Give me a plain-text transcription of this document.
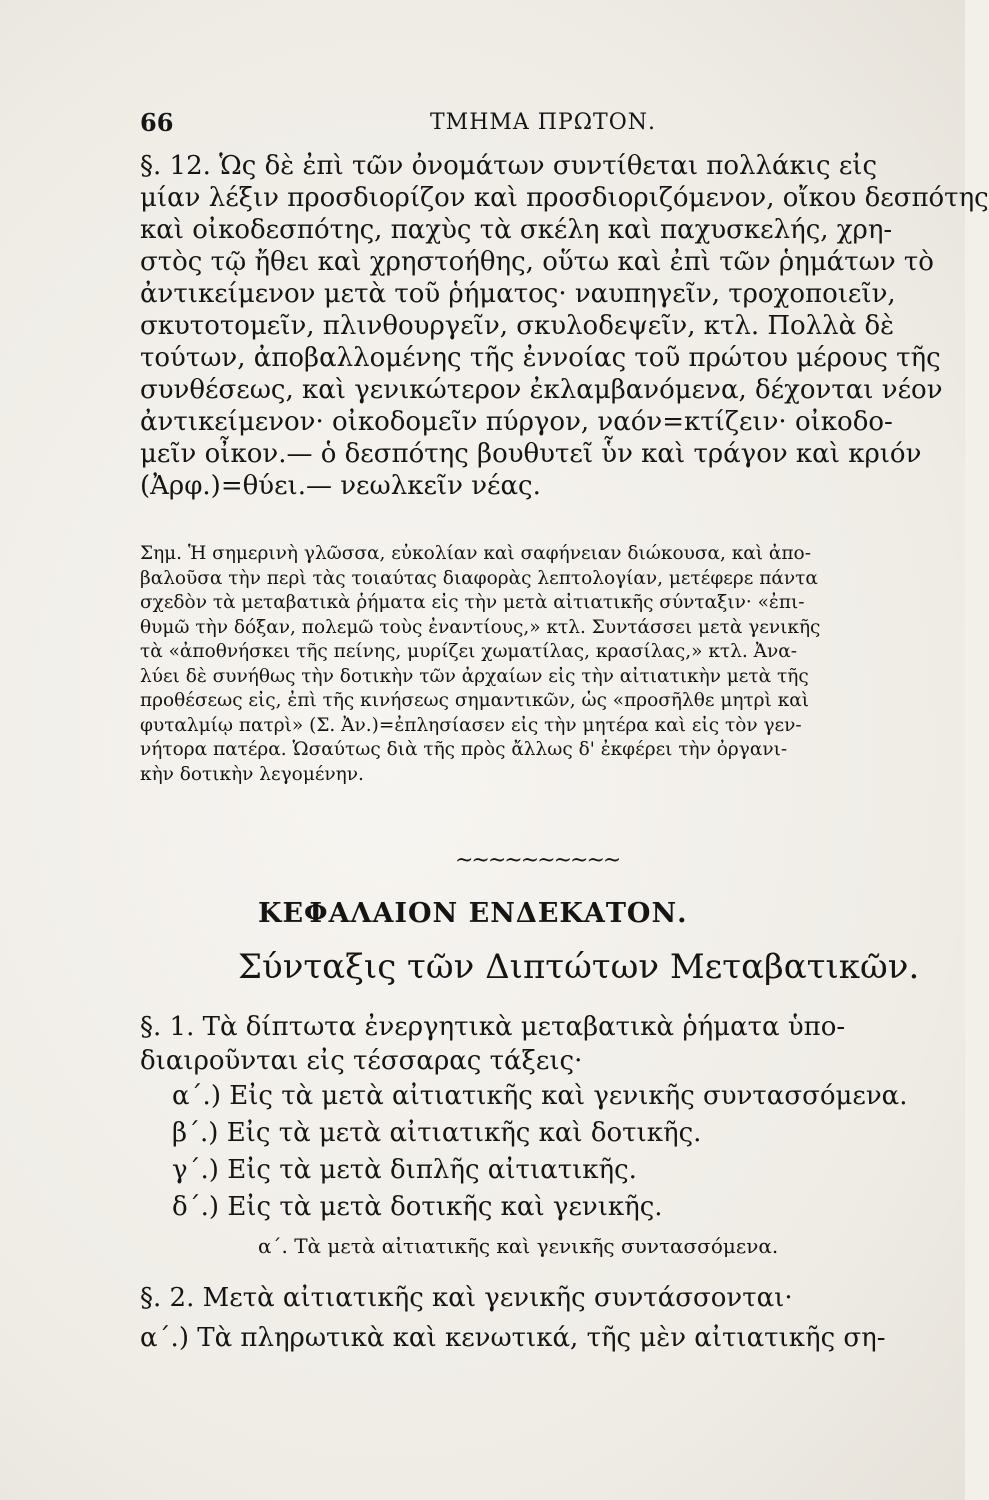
66	ΤΜΗΜΑ ΠΡΩΤΟΝ.

§. 12. Ὡς δὲ ἐπὶ τῶν ὀνομάτων συντίθεται πολλάκις εἰς
μίαν λέξιν προσδιορίζον καὶ προσδιοριζόμενον, οἴκου δεσπότης
καὶ οἰκοδεσπότης, παχὺς τὰ σκέλη καὶ παχυσκελής, χρη-
στὸς τῷ ἤθει καὶ χρηστοήθης, οὕτω καὶ ἐπὶ τῶν ῥημάτων τὸ
ἀντικείμενον μετὰ τοῦ ῥήματος· ναυπηγεῖν, τροχοποιεῖν,
σκυτοτομεῖν, πλινθουργεῖν, σκυλοδεψεῖν, κτλ. Πολλὰ δὲ
τούτων, ἀποβαλλομένης τῆς ἐννοίας τοῦ πρώτου μέρους τῆς
συνθέσεως, καὶ γενικώτερον ἐκλαμβανόμενα, δέχονται νέον
ἀντικείμενον· οἰκοδομεῖν πύργον, ναόν=κτίζειν· οἰκοδο-
μεῖν οἶκον.— ὁ δεσπότης βουθυτεῖ ὗν καὶ τράγον καὶ κριόν
(Ἀρφ.)=θύει.— νεωλκεῖν νέας.

Σημ. Ἡ σημερινὴ γλῶσσα, εὐκολίαν καὶ σαφήνειαν διώκουσα, καὶ ἀπο-
βαλοῦσα τὴν περὶ τὰς τοιαύτας διαφορὰς λεπτολογίαν, μετέφερε πάντα
σχεδὸν τὰ μεταβατικὰ ῥήματα εἰς τὴν μετὰ αἰτιατικῆς σύνταξιν· «ἐπι-
θυμῶ τὴν δόξαν, πολεμῶ τοὺς ἐναντίους,» κτλ. Συντάσσει μετὰ γενικῆς
τὰ «ἀποθνήσκει τῆς πείνης, μυρίζει χωματίλας, κρασίλας,» κτλ. Ἀνα-
λύει δὲ συνήθως τὴν δοτικὴν τῶν ἀρχαίων εἰς τὴν αἰτιατικὴν μετὰ τῆς
προθέσεως εἰς, ἐπὶ τῆς κινήσεως σημαντικῶν, ὡς «προσῆλθε μητρὶ καὶ
φυταλμίῳ πατρὶ» (Σ. Ἀν.)=ἐπλησίασεν εἰς τὴν μητέρα καὶ εἰς τὸν γεν-
νήτορα πατέρα. Ὡσαύτως διὰ τῆς πρὸς ἄλλως δ' ἐκφέρει τὴν ὀργανι-
κὴν δοτικὴν λεγομένην.
~~~~~~~~~~
ΚΕΦΑΛΑΙΟΝ ΕΝΔΕΚΑΤΟΝ.
Σύνταξις τῶν Διπτώτων Μεταβατικῶν.
§. 1. Τὰ δίπτωτα ἐνεργητικὰ μεταβατικὰ ῥήματα ὑπο-
διαιροῦνται εἰς τέσσαρας τάξεις·
α΄.) Εἰς τὰ μετὰ αἰτιατικῆς καὶ γενικῆς συντασσόμενα.
β΄.) Εἰς τὰ μετὰ αἰτιατικῆς καὶ δοτικῆς.
γ΄.) Εἰς τὰ μετὰ διπλῆς αἰτιατικῆς.
δ΄.) Εἰς τὰ μετὰ δοτικῆς καὶ γενικῆς.
α΄. Τὰ μετὰ αἰτιατικῆς καὶ γενικῆς συντασσόμενα.
§. 2. Μετὰ αἰτιατικῆς καὶ γενικῆς συντάσσονται·
α΄.) Τὰ πληρωτικὰ καὶ κενωτικά, τῆς μὲν αἰτιατικῆς ση-
